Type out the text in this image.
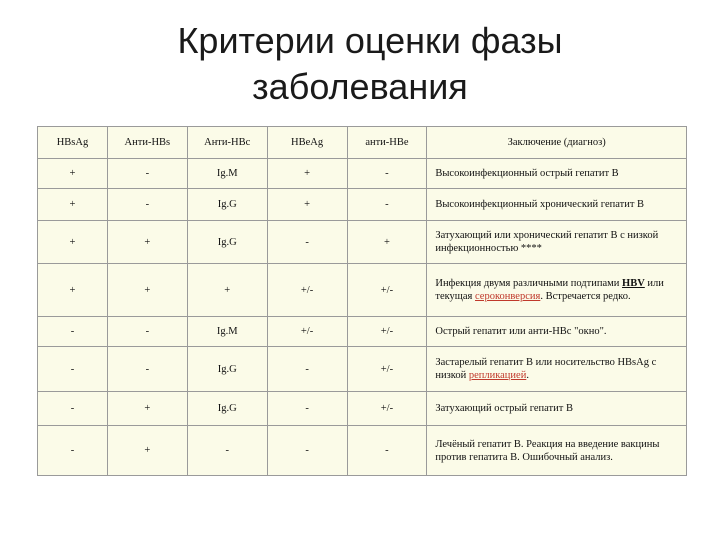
Критерии оценки фазы
заболевания
HBsAg	Анти-HBs	Анти-HBc	HBeAg	анти-HBe	Заключение (диагноз)
+	-	Ig.M	+	-	Высокоинфекционный острый гепатит В
+	-	Ig.G	+	-	Высокоинфекционный хронический гепатит В
+	+	Ig.G	-	+	Затухающий или хронический гепатит В с низкой инфекционностью ****
+	+	+	+/-	+/-	Инфекция двумя различными подтипами HBV или текущая сероконверсия. Встречается редко.
-	-	Ig.M	+/-	+/-	Острый гепатит или анти-HBc "окно".
-	-	Ig.G	-	+/-	Застарелый гепатит В или носительство HBsAg с низкой репликацией.
-	+	Ig.G	-	+/-	Затухающий острый гепатит В
-	+	-	-	-	Лечёный гепатит В. Реакция на введение вакцины против гепатита В. Ошибочный анализ.
